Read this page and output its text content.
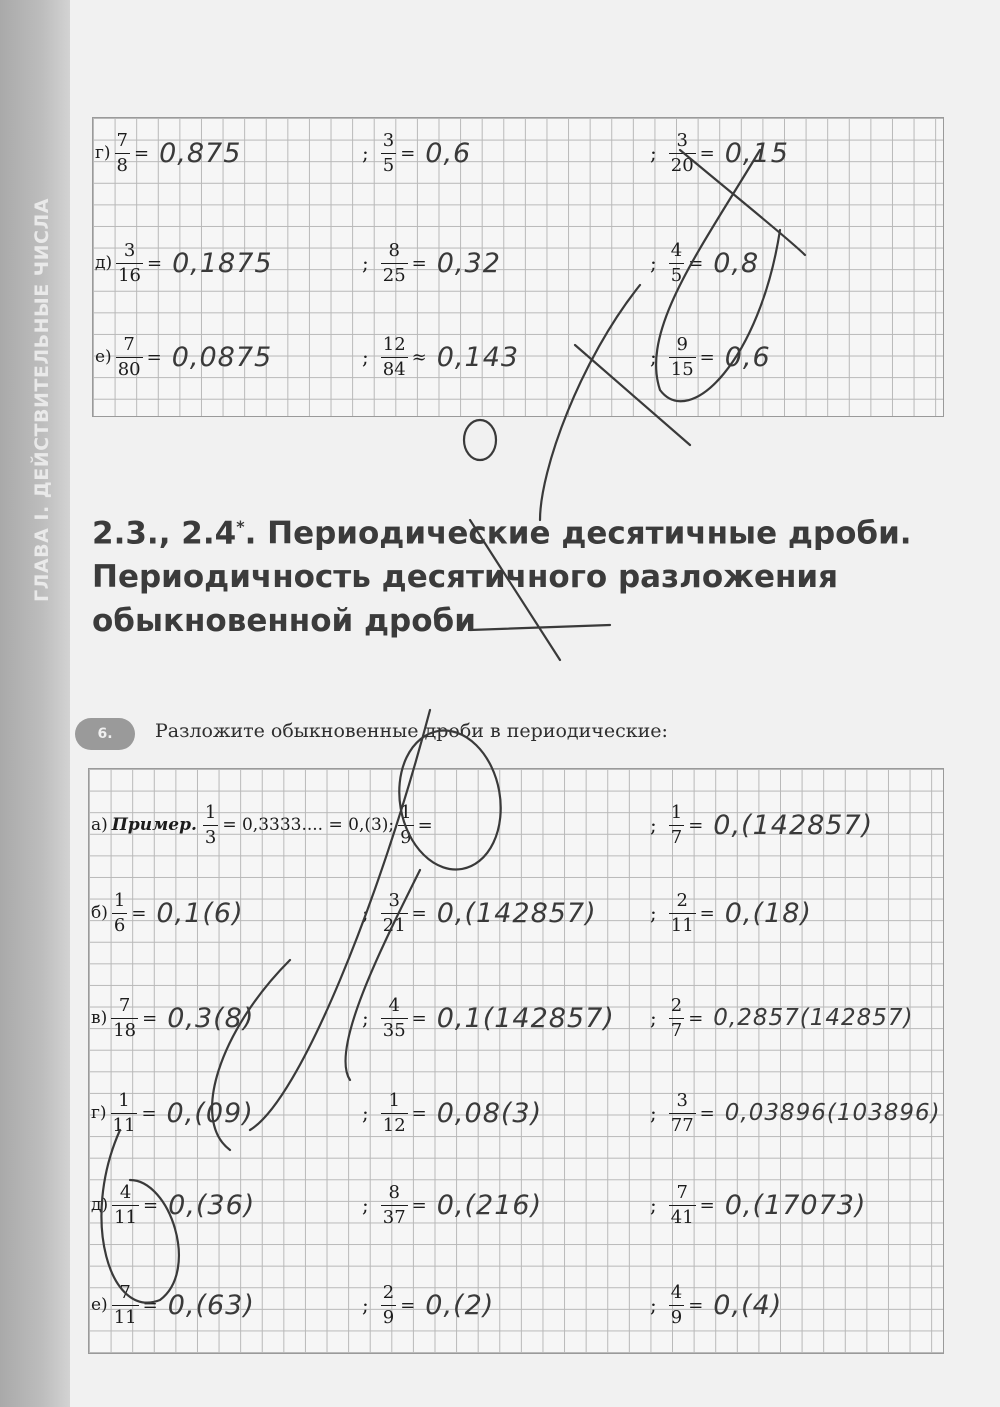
ГЛАВА I. ДЕЙСТВИТЕЛЬНЫЕ ЧИСЛА
$г) \frac{7}{8} = 0,875$	; $\frac{3}{5} = 0,6$	; $\frac{3}{20} = 0,15$
$д) \frac{3}{16} = 0,1875$	; $\frac{8}{25} = 0,32$	; $\frac{4}{5} = 0,8$
$е) \frac{7}{80} = 0,0875$	; $\frac{12}{84} \approx 0,143$	; $\frac{9}{15} = 0,6$
2.3., 2.4*. Периодические десятичные дроби. Периодичность десятичного разложения обыкновенной дроби
6.	Разложите обыкновенные дроби в периодические:
а) Пример. $\frac{1}{3} = 0,3333$.... = 0,(3); $\frac{1}{9}$ =	; $\frac{1}{7} = 0,(142857)$
$б) \frac{1}{6} = 0,1(6)$	; $\frac{3}{21} = 0,(142857)$	; $\frac{2}{11} = 0,(18)$
$в) \frac{7}{18} = 0,3(8)$	; $\frac{4}{35} = 0,1(142857)$ ; $\frac{2}{7} = 0,2857(142857)$
$г) \frac{1}{11} = 0,(09)$	; $\frac{1}{12} = 0,08(3)$	; $\frac{3}{77} = 0,03896(103896)$
$д) \frac{4}{11} = 0,(36)$	; $\frac{8}{37} = 0,(216)$	; $\frac{7}{41} = 0,(17073)$
$е) \frac{7}{11} = 0,(63)$	; $\frac{2}{9} = 0,(2)$	; $\frac{4}{9} = 0,(4)$
